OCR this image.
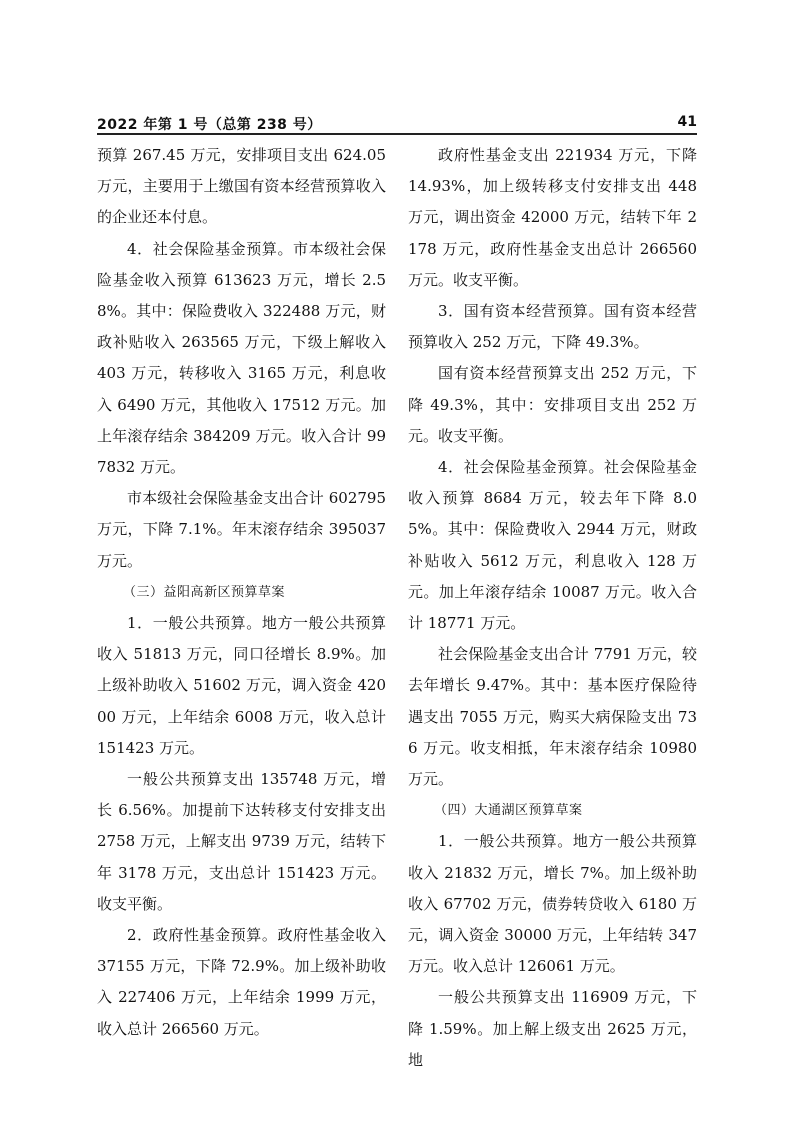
2022 年第 1 号（总第 238 号）	41

预算 267.45 万元，安排项目支出 624.05 万元，主要用于上缴国有资本经营预算收入的企业还本付息。

4．社会保险基金预算。市本级社会保险基金收入预算 613623 万元，增长 2.58%。其中：保险费收入 322488 万元，财政补贴收入 263565 万元，下级上解收入 403 万元，转移收入 3165 万元，利息收入 6490 万元，其他收入 17512 万元。加上年滚存结余 384209 万元。收入合计 997832 万元。

市本级社会保险基金支出合计 602795 万元，下降 7.1%。年末滚存结余 395037 万元。

（三）益阳高新区预算草案

1．一般公共预算。地方一般公共预算收入 51813 万元，同口径增长 8.9%。加上级补助收入 51602 万元，调入资金 42000 万元，上年结余 6008 万元，收入总计 151423 万元。

一般公共预算支出 135748 万元，增长 6.56%。加提前下达转移支付安排支出 2758 万元，上解支出 9739 万元，结转下年 3178 万元，支出总计 151423 万元。收支平衡。

2．政府性基金预算。政府性基金收入 37155 万元，下降 72.9%。加上级补助收入 227406 万元，上年结余 1999 万元，收入总计 266560 万元。

政府性基金支出 221934 万元，下降 14.93%，加上级转移支付安排支出 448 万元，调出资金 42000 万元，结转下年 2178 万元，政府性基金支出总计 266560 万元。收支平衡。

3．国有资本经营预算。国有资本经营预算收入 252 万元，下降 49.3%。

国有资本经营预算支出 252 万元，下降 49.3%，其中：安排项目支出 252 万元。收支平衡。

4．社会保险基金预算。社会保险基金收入预算 8684 万元，较去年下降 8.05%。其中：保险费收入 2944 万元，财政补贴收入 5612 万元，利息收入 128 万元。加上年滚存结余 10087 万元。收入合计 18771 万元。

社会保险基金支出合计 7791 万元，较去年增长 9.47%。其中：基本医疗保险待遇支出 7055 万元，购买大病保险支出 736 万元。收支相抵，年末滚存结余 10980 万元。

（四）大通湖区预算草案

1．一般公共预算。地方一般公共预算收入 21832 万元，增长 7%。加上级补助收入 67702 万元，债券转贷收入 6180 万元，调入资金 30000 万元，上年结转 347 万元。收入总计 126061 万元。

一般公共预算支出 116909 万元，下降 1.59%。加上解上级支出 2625 万元，地
